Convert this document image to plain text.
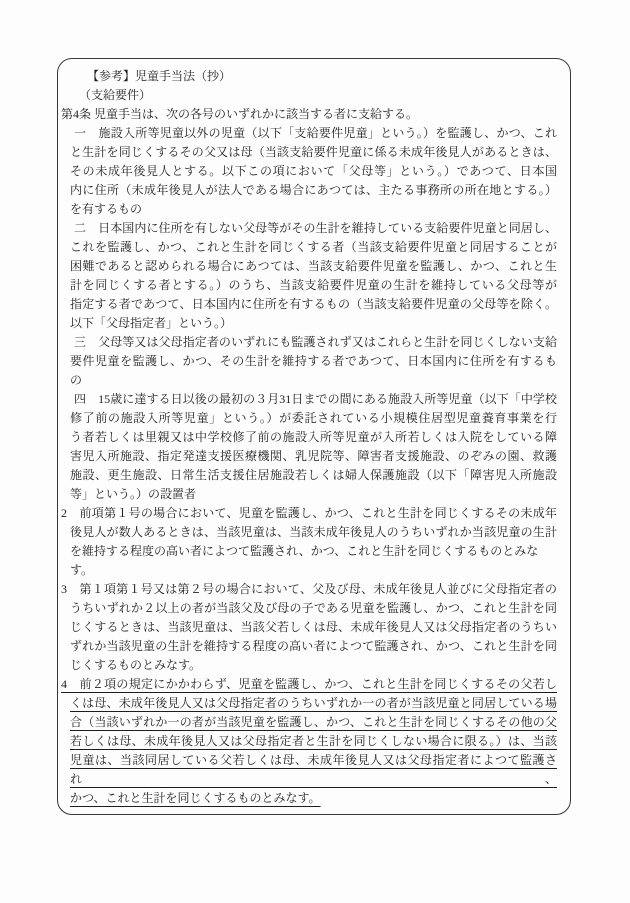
【参考】児童手当法（抄）
（支給要件）
第4条 児童手当は、次の各号のいずれかに該当する者に支給する。
一　施設入所等児童以外の児童（以下「支給要件児童」という。）を監護し、かつ、これ
と生計を同じくするその父又は母（当該支給要件児童に係る未成年後見人があるときは、
その未成年後見人とする。以下この項において「父母等」という。）であつて、日本国
内に住所（未成年後見人が法人である場合にあつては、主たる事務所の所在地とする。）
を有するもの
二　日本国内に住所を有しない父母等がその生計を維持している支給要件児童と同居し、
これを監護し、かつ、これと生計を同じくする者（当該支給要件児童と同居することが
困難であると認められる場合にあつては、当該支給要件児童を監護し、かつ、これと生
計を同じくする者とする。）のうち、当該支給要件児童の生計を維持している父母等が
指定する者であつて、日本国内に住所を有するもの（当該支給要件児童の父母等を除く。
以下「父母指定者」という。）
三　父母等又は父母指定者のいずれにも監護されず又はこれらと生計を同じくしない支給
要件児童を監護し、かつ、その生計を維持する者であつて、日本国内に住所を有するも
の
四　15歳に達する日以後の最初の３月31日までの間にある施設入所等児童（以下「中学校
修了前の施設入所等児童」という。）が委託されている小規模住居型児童養育事業を行
う者若しくは里親又は中学校修了前の施設入所等児童が入所若しくは入院をしている障
害児入所施設、指定発達支援医療機関、乳児院等、障害者支援施設、のぞみの園、救護
施設、更生施設、日常生活支援住居施設若しくは婦人保護施設（以下「障害児入所施設
等」という。）の設置者
2　前項第１号の場合において、児童を監護し、かつ、これと生計を同じくするその未成年
後見人が数人あるときは、当該児童は、当該未成年後見人のうちいずれか当該児童の生計
を維持する程度の高い者によつて監護され、かつ、これと生計を同じくするものとみなす。
3　第１項第１号又は第２号の場合において、父及び母、未成年後見人並びに父母指定者の
うちいずれか２以上の者が当該父及び母の子である児童を監護し、かつ、これと生計を同
じくするときは、当該児童は、当該父若しくは母、未成年後見人又は父母指定者のうちい
ずれか当該児童の生計を維持する程度の高い者によつて監護され、かつ、これと生計を同
じくするものとみなす。
4　前２項の規定にかかわらず、児童を監護し、かつ、これと生計を同じくするその父若し
くは母、未成年後見人又は父母指定者のうちいずれか一の者が当該児童と同居している場
合（当該いずれか一の者が当該児童を監護し、かつ、これと生計を同じくするその他の父
若しくは母、未成年後見人又は父母指定者と生計を同じくしない場合に限る。）は、当該
児童は、当該同居している父若しくは母、未成年後見人又は父母指定者によつて監護され、
かつ、これと生計を同じくするものとみなす。
